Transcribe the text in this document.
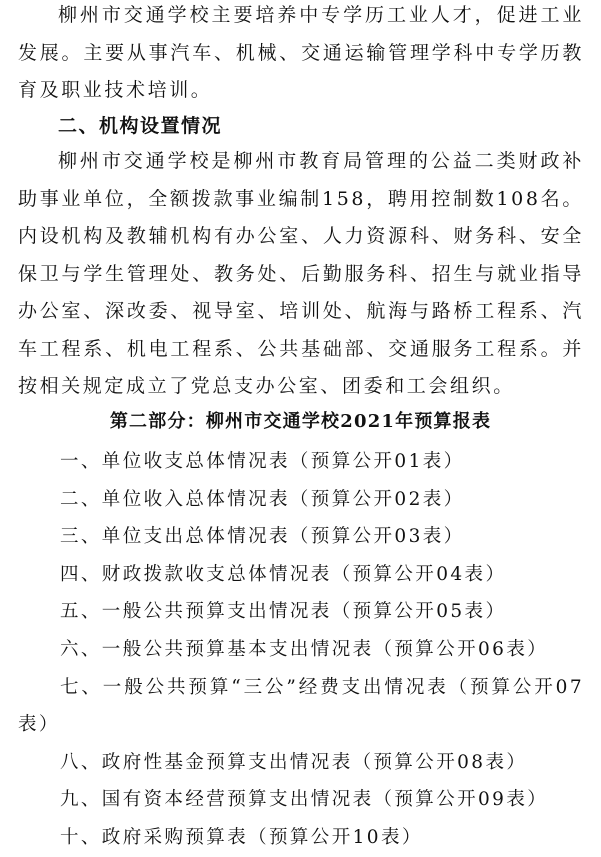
柳州市交通学校主要培养中专学历工业人才，促进工业发展。主要从事汽车、机械、交通运输管理学科中专学历教育及职业技术培训。

二、机构设置情况

柳州市交通学校是柳州市教育局管理的公益二类财政补助事业单位，全额拨款事业编制158，聘用控制数108名。内设机构及教辅机构有办公室、人力资源科、财务科、安全保卫与学生管理处、教务处、后勤服务科、招生与就业指导办公室、深改委、视导室、培训处、航海与路桥工程系、汽车工程系、机电工程系、公共基础部、交通服务工程系。并按相关规定成立了党总支办公室、团委和工会组织。

第二部分：柳州市交通学校2021年预算报表
一、单位收支总体情况表（预算公开01表）
二、单位收入总体情况表（预算公开02表）
三、单位支出总体情况表（预算公开03表）
四、财政拨款收支总体情况表（预算公开04表）
五、一般公共预算支出情况表（预算公开05表）
六、一般公共预算基本支出情况表（预算公开06表）
七、一般公共预算“三公”经费支出情况表（预算公开07表）
八、政府性基金预算支出情况表（预算公开08表）
九、国有资本经营预算支出情况表（预算公开09表）
十、政府采购预算表（预算公开10表）
